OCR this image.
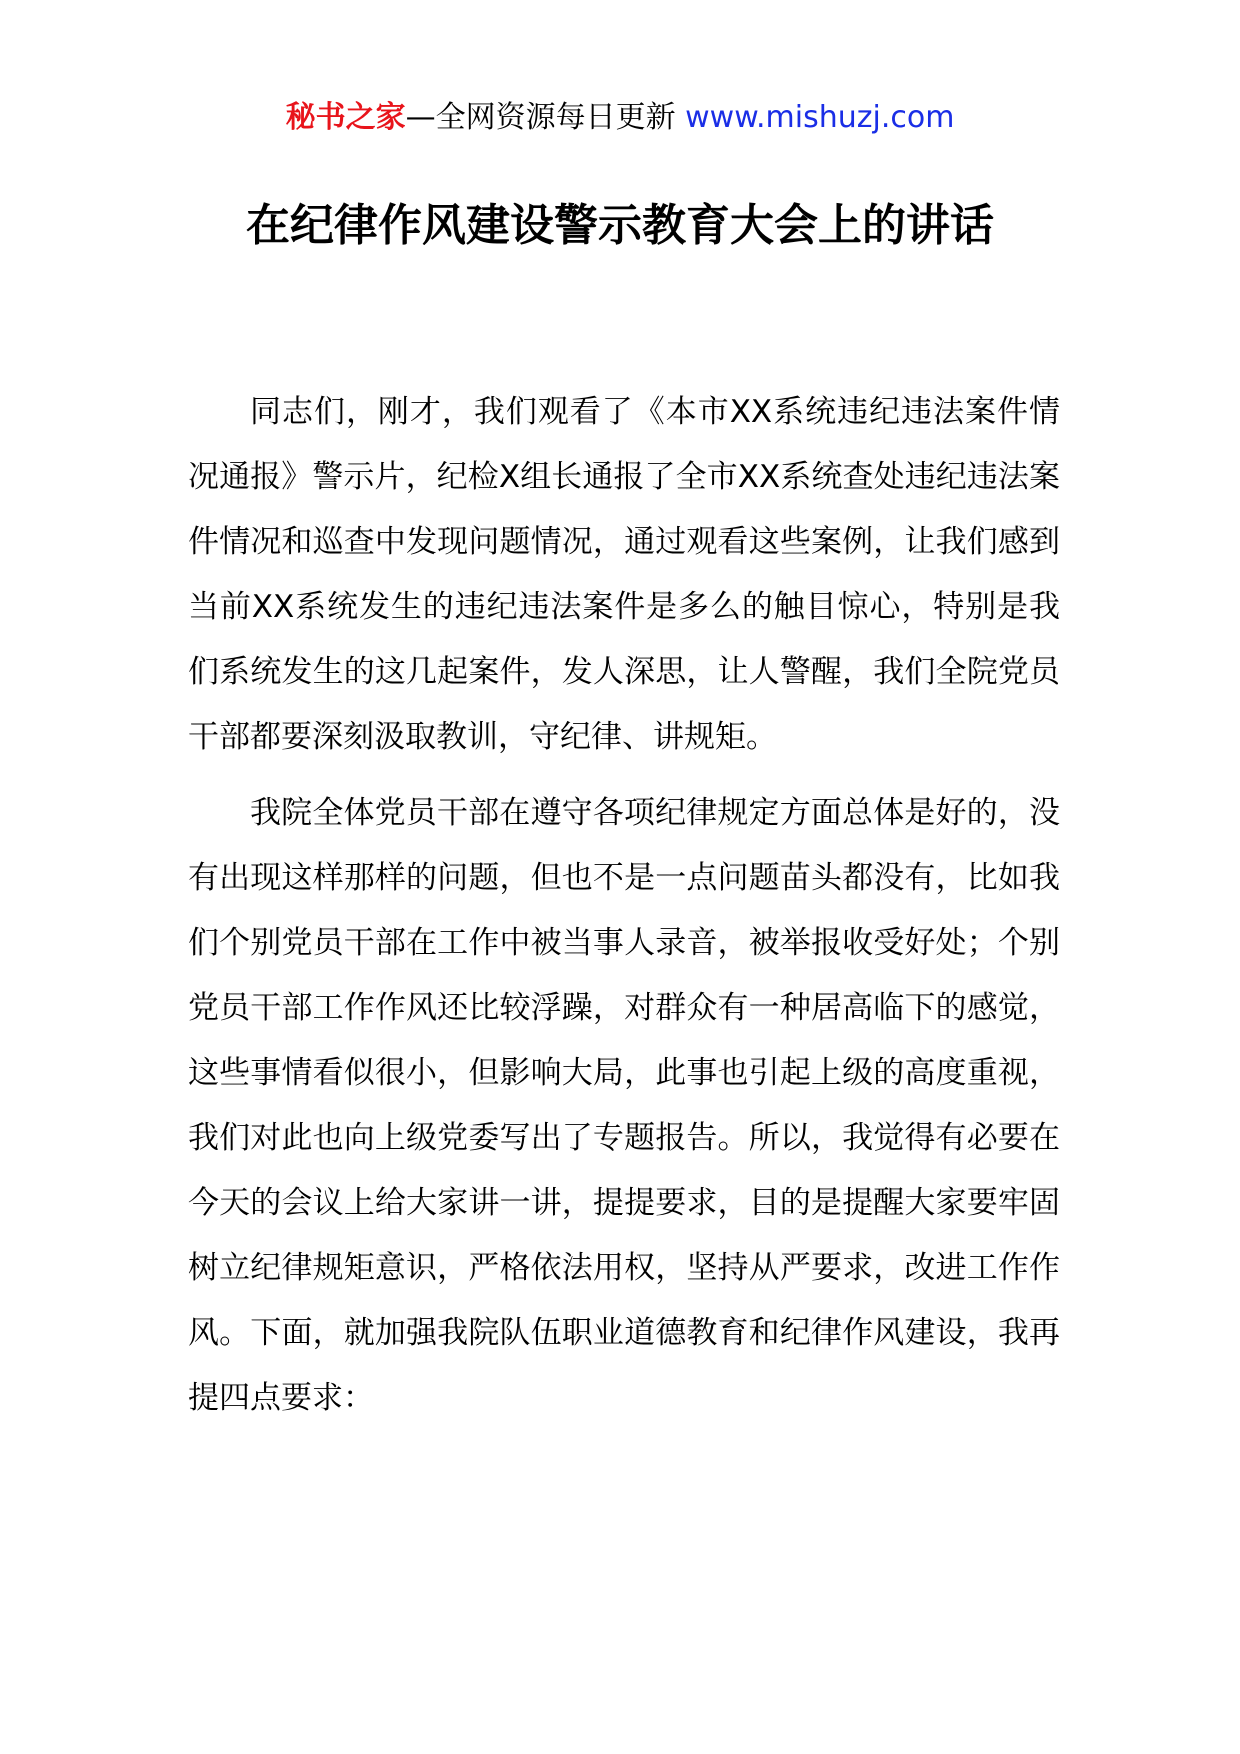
秘书之家—全网资源每日更新 www.mishuzj.com
在纪律作风建设警示教育大会上的讲话

同志们，刚才，我们观看了《本市XX系统违纪违法案件情况通报》警示片，纪检X组长通报了全市XX系统查处违纪违法案件情况和巡查中发现问题情况，通过观看这些案例，让我们感到当前XX系统发生的违纪违法案件是多么的触目惊心，特别是我们系统发生的这几起案件，发人深思，让人警醒，我们全院党员干部都要深刻汲取教训，守纪律、讲规矩。

我院全体党员干部在遵守各项纪律规定方面总体是好的，没有出现这样那样的问题，但也不是一点问题苗头都没有，比如我们个别党员干部在工作中被当事人录音，被举报收受好处；个别党员干部工作作风还比较浮躁，对群众有一种居高临下的感觉，这些事情看似很小，但影响大局，此事也引起上级的高度重视，我们对此也向上级党委写出了专题报告。所以，我觉得有必要在今天的会议上给大家讲一讲，提提要求，目的是提醒大家要牢固树立纪律规矩意识，严格依法用权，坚持从严要求，改进工作作风。下面，就加强我院队伍职业道德教育和纪律作风建设，我再提四点要求：
